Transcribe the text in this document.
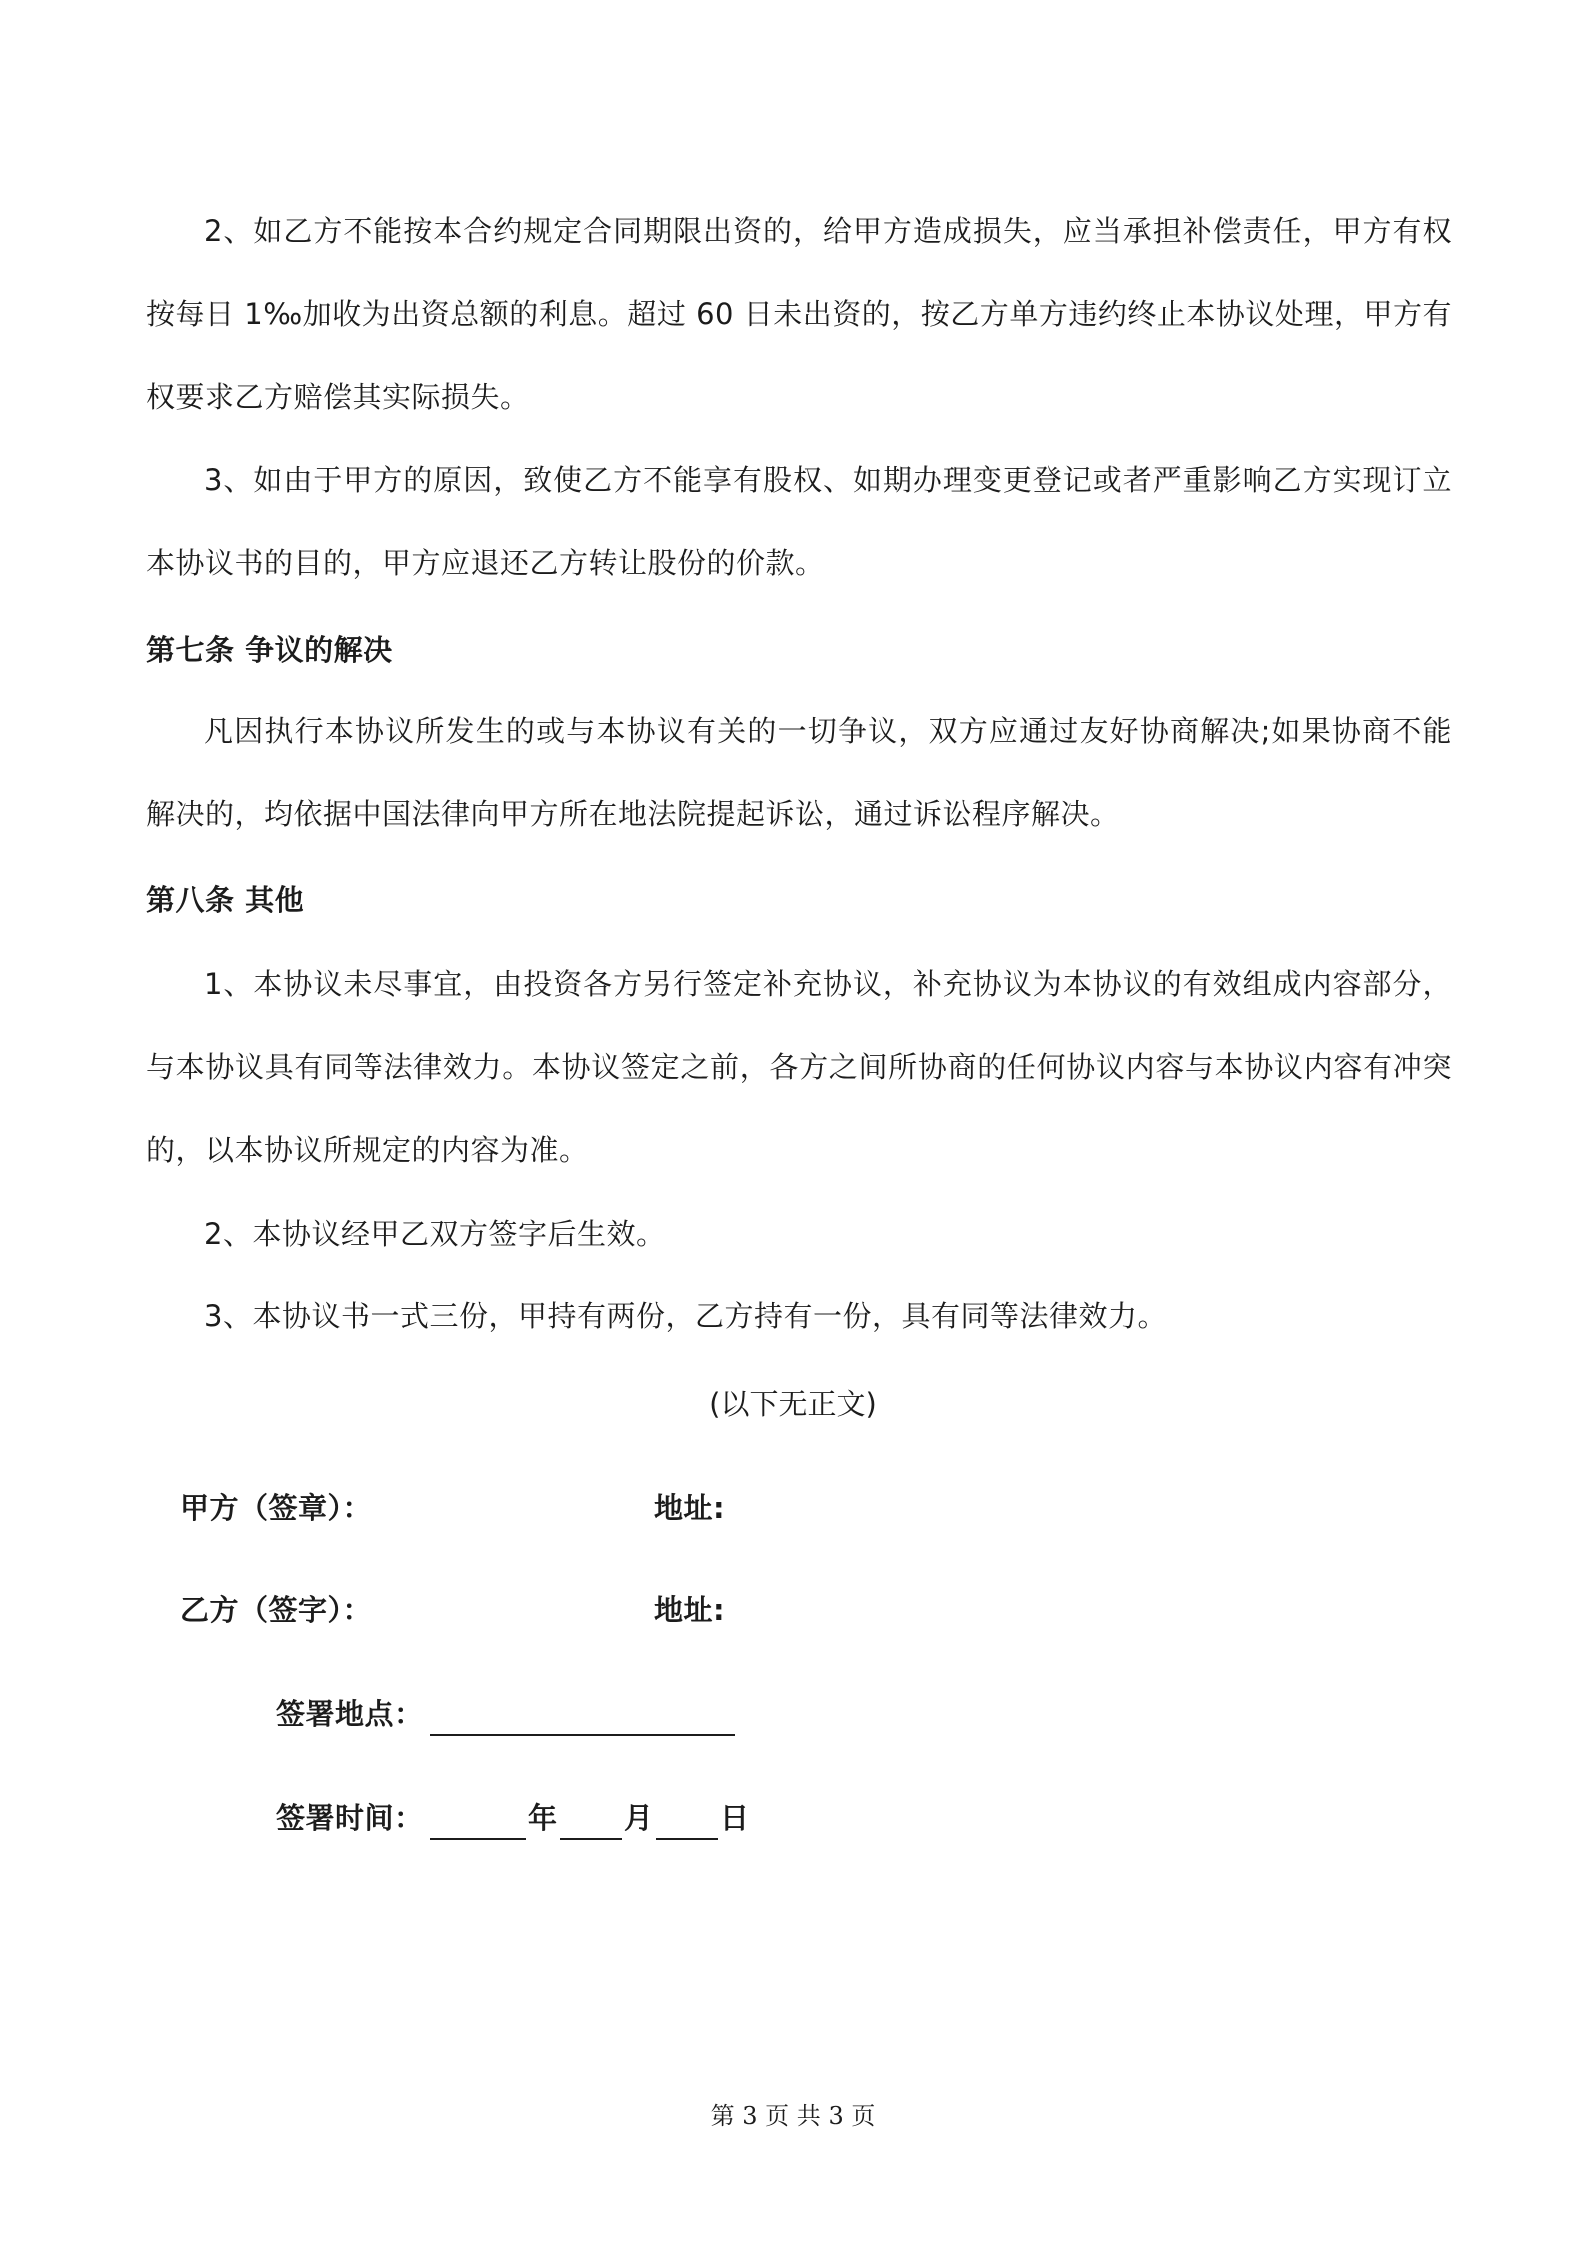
2、如乙方不能按本合约规定合同期限出资的，给甲方造成损失，应当承担补偿责任，甲方有权按每日 1‰加收为出资总额的利息。超过 60 日未出资的，按乙方单方违约终止本协议处理，甲方有权要求乙方赔偿其实际损失。
3、如由于甲方的原因，致使乙方不能享有股权、如期办理变更登记或者严重影响乙方实现订立本协议书的目的，甲方应退还乙方转让股份的价款。
第七条 争议的解决
凡因执行本协议所发生的或与本协议有关的一切争议，双方应通过友好协商解决;如果协商不能解决的，均依据中国法律向甲方所在地法院提起诉讼，通过诉讼程序解决。
第八条 其他
1、本协议未尽事宜，由投资各方另行签定补充协议，补充协议为本协议的有效组成内容部分，与本协议具有同等法律效力。本协议签定之前，各方之间所协商的任何协议内容与本协议内容有冲突的，以本协议所规定的内容为准。
2、本协议经甲乙双方签字后生效。
3、本协议书一式三份，甲持有两份，乙方持有一份，具有同等法律效力。
(以下无正文)
甲方（签章）：	地址:
乙方（签字）：	地址:
签署地点：
签署时间：	年 月 日
第 3 页 共 3 页
